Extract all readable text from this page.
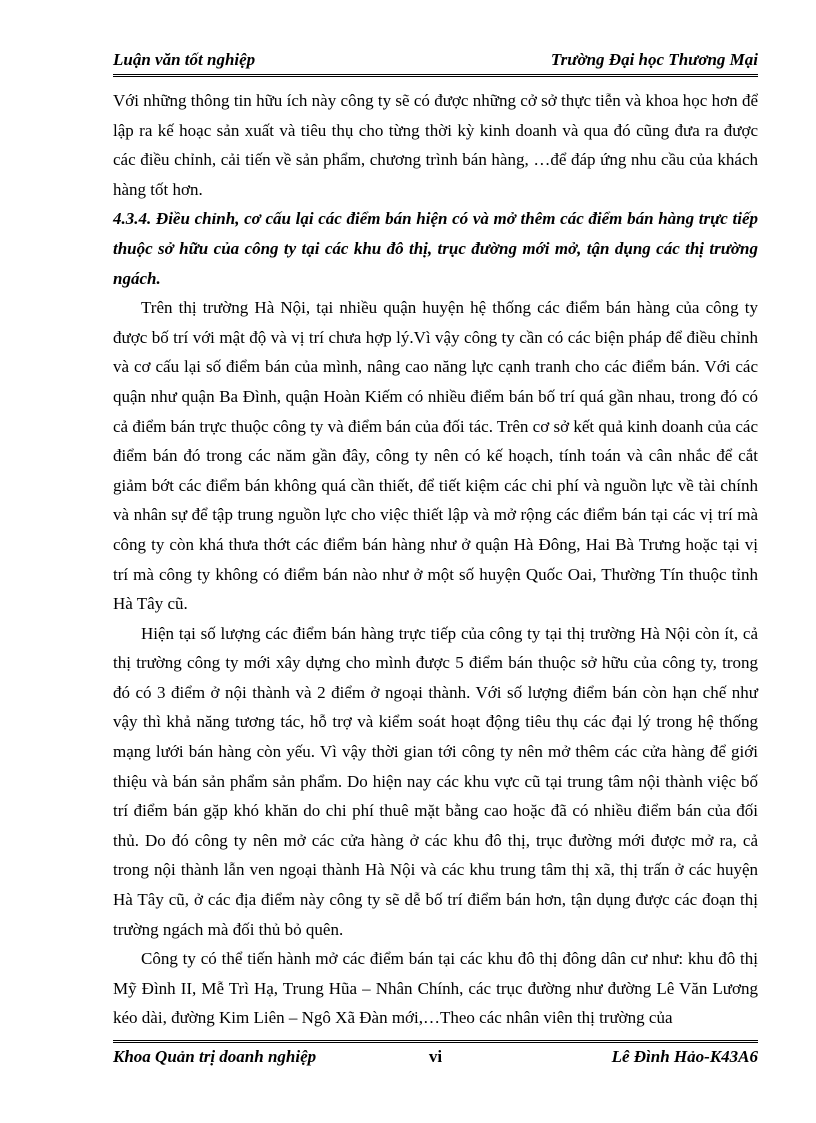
Luận văn tốt nghiệp	Trường Đại học Thương Mại

Với những thông tin hữu ích này công ty sẽ có được những cở sở thực tiễn và khoa học hơn để lập ra kế hoạc sản xuất và tiêu thụ cho từng thời kỳ kinh doanh và qua đó cũng đưa ra được các điều chỉnh, cải tiến về sản phẩm, chương trình bán hàng, …để đáp ứng nhu cầu của khách hàng tốt hơn.

4.3.4. Điều chỉnh, cơ cấu lại các điểm bán hiện có và mở thêm các điểm bán hàng trực tiếp thuộc sở hữu của công ty tại các khu đô thị, trục đường mới mở, tận dụng các thị trường ngách.

Trên thị trường Hà Nội, tại nhiều quận huyện hệ thống các điểm bán hàng của công ty được bố trí với mật độ và vị trí chưa hợp lý.Vì vậy công ty cần có các biện pháp để điều chỉnh và cơ cấu lại số điểm bán của mình, nâng cao năng lực cạnh tranh cho các điểm bán. Với các quận như quận Ba Đình, quận Hoàn Kiếm có nhiều điểm bán bố trí quá gần nhau, trong đó có cả điểm bán trực thuộc công ty và điểm bán của đối tác. Trên cơ sở kết quả kinh doanh của các điểm bán đó trong các năm gần đây, công ty nên có kế hoạch, tính toán và cân nhắc để cắt giảm bớt các điểm bán không quá cần thiết, để tiết kiệm các chi phí và nguồn lực về tài chính và nhân sự để tập trung nguồn lực cho việc thiết lập và mở rộng các điểm bán tại các vị trí mà công ty còn khá thưa thớt các điểm bán hàng như ở quận Hà Đông, Hai Bà Trưng hoặc tại vị trí mà công ty không có điểm bán nào như ở một số huyện Quốc Oai, Thường Tín thuộc tỉnh Hà Tây cũ.

Hiện tại số lượng các điểm bán hàng trực tiếp của công ty tại thị trường Hà Nội còn ít, cả thị trường công ty mới xây dựng cho mình được 5 điểm bán thuộc sở hữu của công ty, trong đó có 3 điểm ở nội thành và 2 điểm ở ngoại thành. Với số lượng điểm bán còn hạn chế như vậy thì khả năng tương tác, hỗ trợ và kiểm soát hoạt động tiêu thụ các đại lý trong hệ thống mạng lưới bán hàng còn yếu. Vì vậy thời gian tới công ty nên mở thêm các cửa hàng để giới thiệu và bán sản phẩm sản phẩm. Do hiện nay các khu vực cũ tại trung tâm nội thành việc bố trí điểm bán gặp khó khăn do chi phí thuê mặt bằng cao hoặc đã có nhiều điểm bán của đối thủ. Do đó công ty nên mở các cửa hàng ở các khu đô thị, trục đường mới được mở ra, cả trong nội thành lẫn ven ngoại thành Hà Nội và các khu trung tâm thị xã, thị trấn ở các huyện Hà Tây cũ, ở các địa điểm này công ty sẽ dễ bố trí điểm bán hơn, tận dụng được các đoạn thị trường ngách mà đối thủ bỏ quên.

Công ty có thể tiến hành mở các điểm bán tại các khu đô thị đông dân cư như: khu đô thị Mỹ Đình II, Mễ Trì Hạ, Trung Hũa – Nhân Chính, các trục đường như đường Lê Văn Lương kéo dài, đường Kim Liên – Ngô Xã Đàn mới,…Theo các nhân viên thị trường của

Khoa Quản trị doanh nghiệp	vi	Lê Đình Hảo-K43A6
